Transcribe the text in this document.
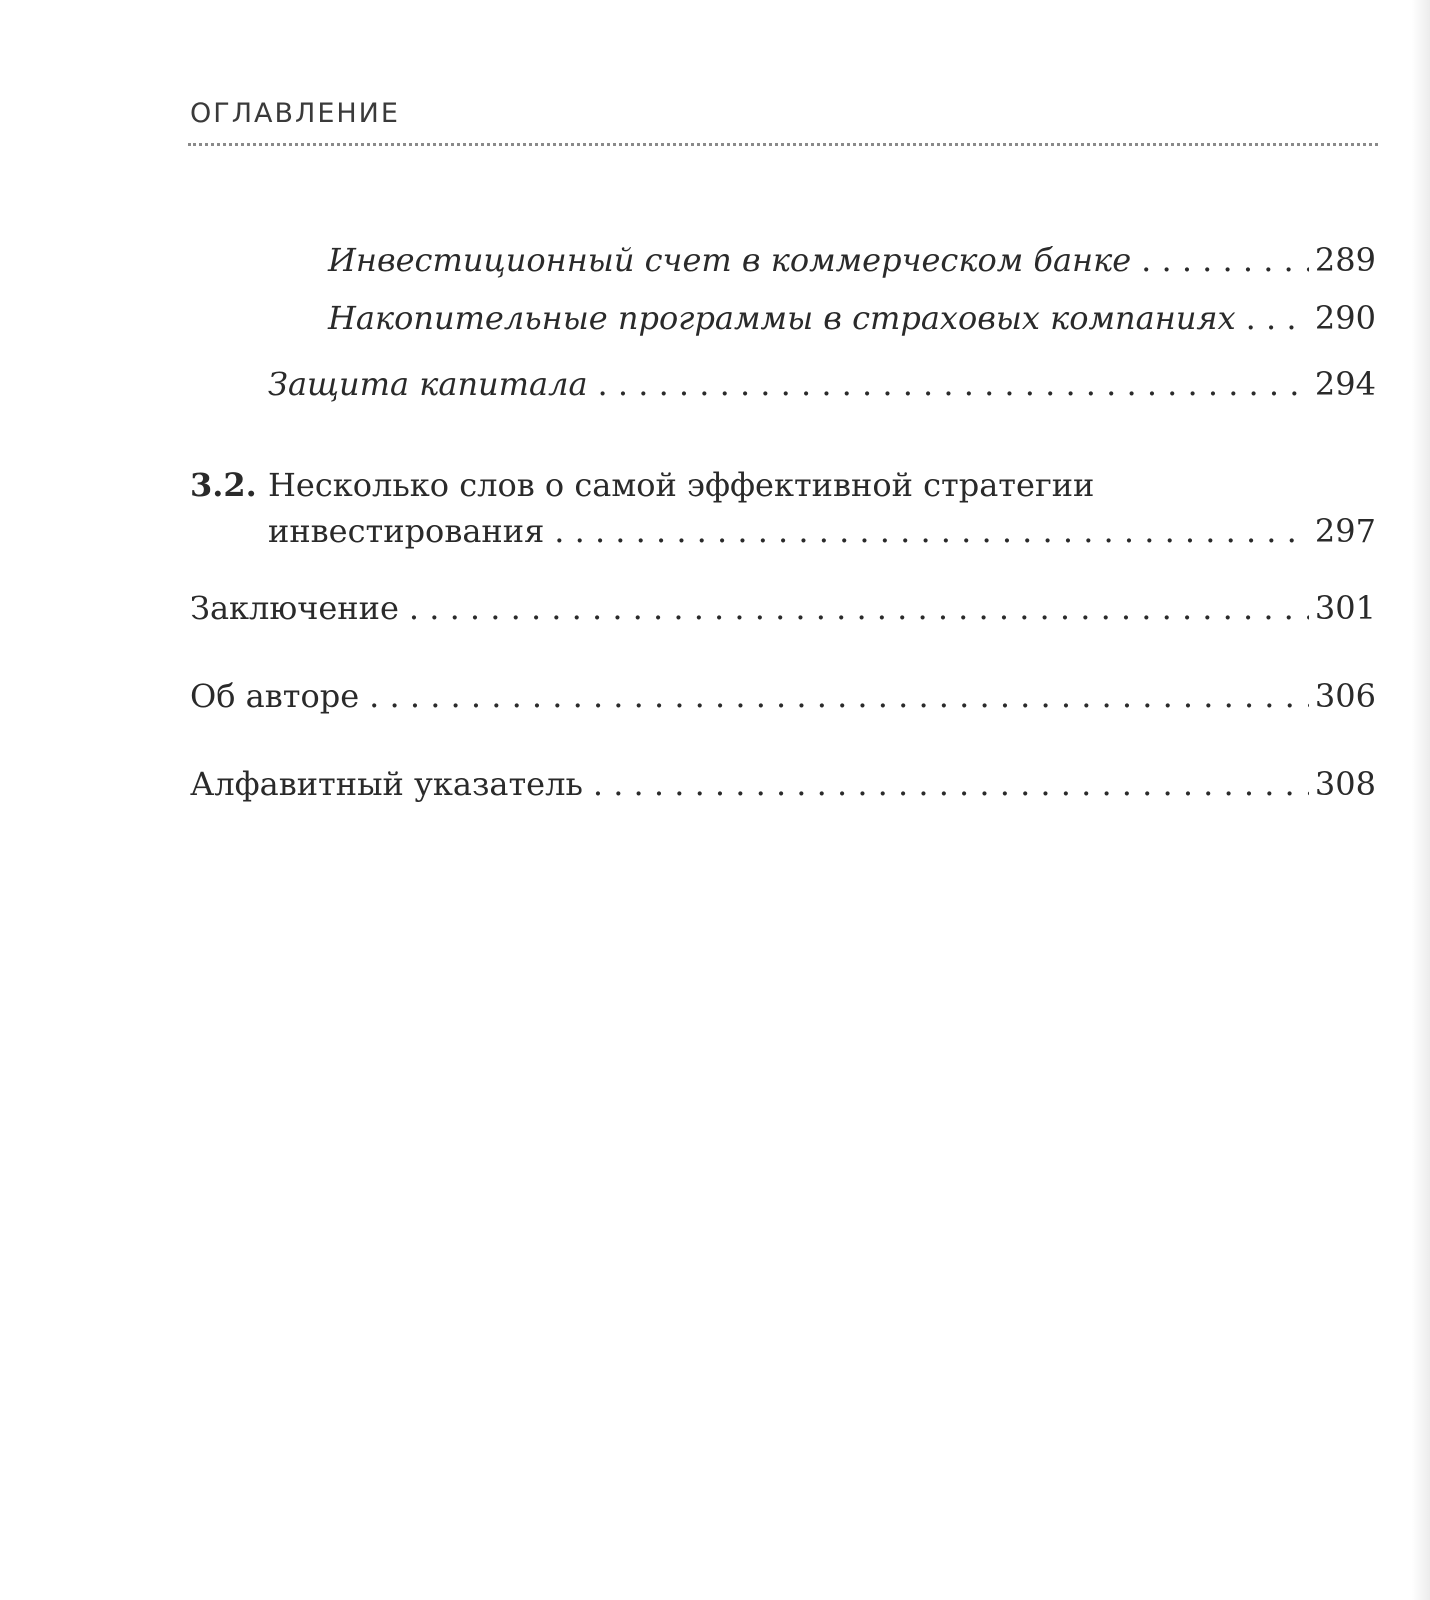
ОГЛАВЛЕНИЕ
Инвестиционный счет в коммерческом банке . . .	289
Накопительные программы в страховых компаниях . . .	290
Защита капитала . . .	294
3.2. Несколько слов о самой эффективной стратегии
инвестирования . . .	297
Заключение . . .	301
Об авторе . . .	306
Алфавитный указатель . . .	308
